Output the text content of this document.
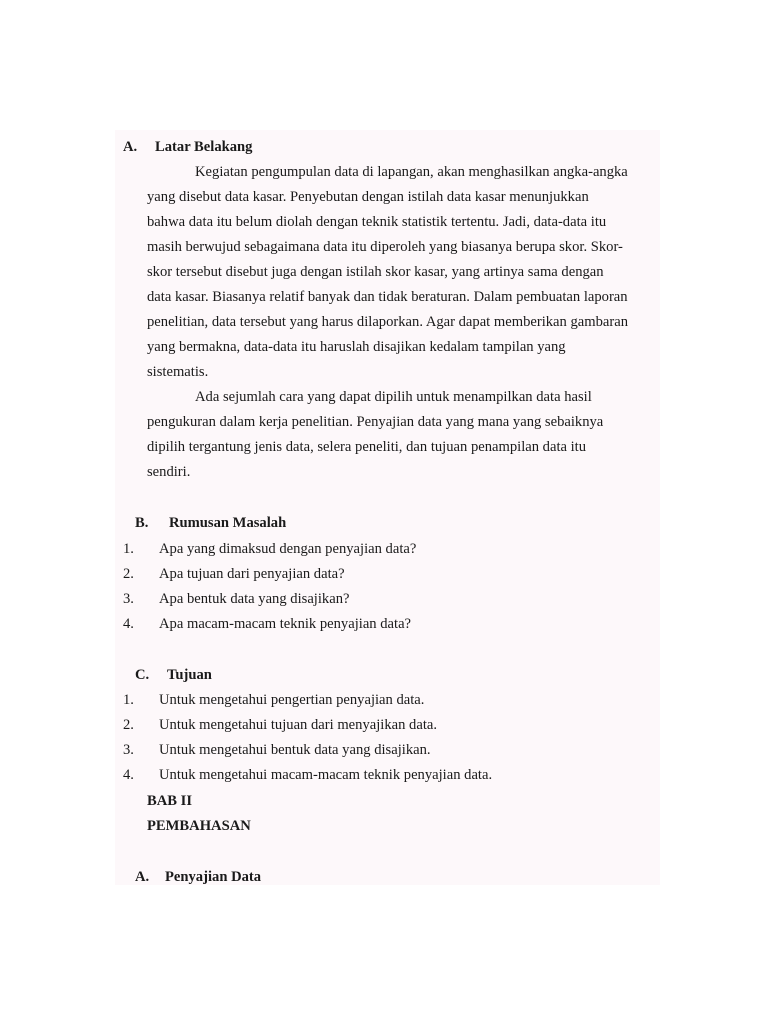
A. Latar Belakang
Kegiatan pengumpulan data di lapangan, akan menghasilkan angka-angka
yang disebut data kasar. Penyebutan dengan istilah data kasar menunjukkan
bahwa data itu belum diolah dengan teknik statistik tertentu. Jadi, data-data itu
masih berwujud sebagaimana data itu diperoleh yang biasanya berupa skor. Skor-
skor tersebut disebut juga dengan istilah skor kasar, yang artinya sama dengan
data kasar. Biasanya relatif banyak dan tidak beraturan. Dalam pembuatan laporan
penelitian, data tersebut yang harus dilaporkan. Agar dapat memberikan gambaran
yang bermakna, data-data itu haruslah disajikan kedalam tampilan yang
sistematis.
Ada sejumlah cara yang dapat dipilih untuk menampilkan data hasil
pengukuran dalam kerja penelitian. Penyajian data yang mana yang sebaiknya
dipilih tergantung jenis data, selera peneliti, dan tujuan penampilan data itu
sendiri.
B. Rumusan Masalah
1. Apa yang dimaksud dengan penyajian data?
2. Apa tujuan dari penyajian data?
3. Apa bentuk data yang disajikan?
4. Apa macam-macam teknik penyajian data?
C. Tujuan
1. Untuk mengetahui pengertian penyajian data.
2. Untuk mengetahui tujuan dari menyajikan data.
3. Untuk mengetahui bentuk data yang disajikan.
4. Untuk mengetahui macam-macam teknik penyajian data.
BAB II
PEMBAHASAN
A. Penyajian Data
